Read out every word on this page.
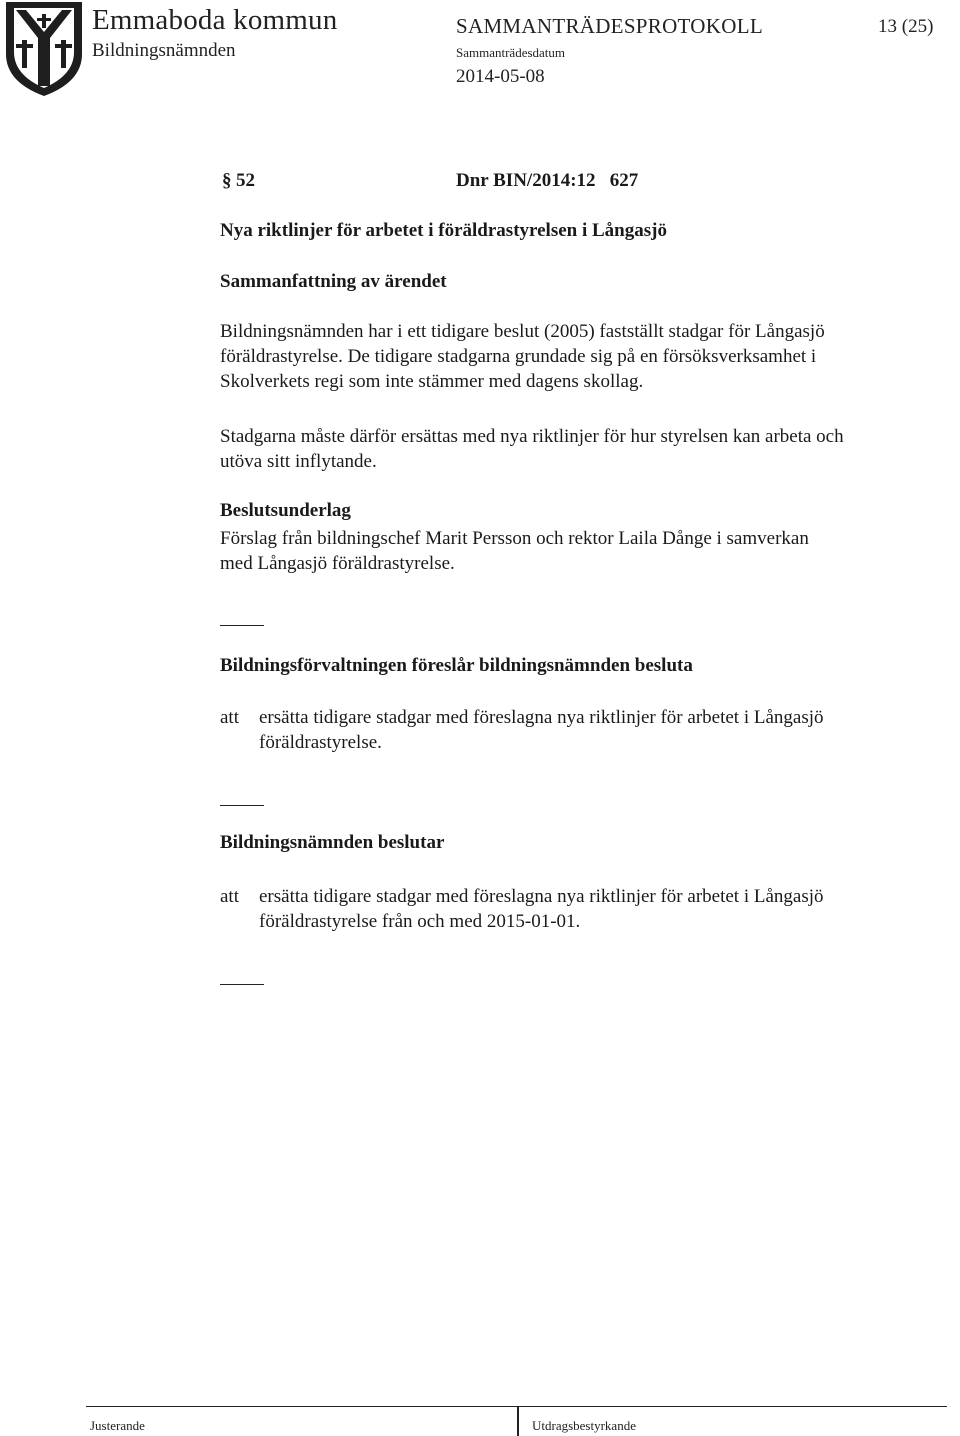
Emmaboda kommun
Bildningsnämnden
SAMMANTRÄDESPROTOKOLL	13 (25)
Sammanträdesdatum
2014-05-08
§ 52	Dnr BIN/2014:12   627
Nya riktlinjer för arbetet i föräldrastyrelsen i Långasjö
Sammanfattning av ärendet
Bildningsnämnden har i ett tidigare beslut (2005) fastställt stadgar för Långasjö
föräldrastyrelse. De tidigare stadgarna grundade sig på en försöksverksamhet i
Skolverkets regi som inte stämmer med dagens skollag.
Stadgarna måste därför ersättas med nya riktlinjer för hur styrelsen kan arbeta och
utöva sitt inflytande.
Beslutsunderlag
Förslag från bildningschef Marit Persson och rektor Laila Dånge i samverkan
med Långasjö föräldrastyrelse.
Bildningsförvaltningen föreslår bildningsnämnden besluta
att ersätta tidigare stadgar med föreslagna nya riktlinjer för arbetet i Långasjö
föräldrastyrelse.
Bildningsnämnden beslutar
att ersätta tidigare stadgar med föreslagna nya riktlinjer för arbetet i Långasjö
föräldrastyrelse från och med 2015-01-01.
Justerande	Utdragsbestyrkande
